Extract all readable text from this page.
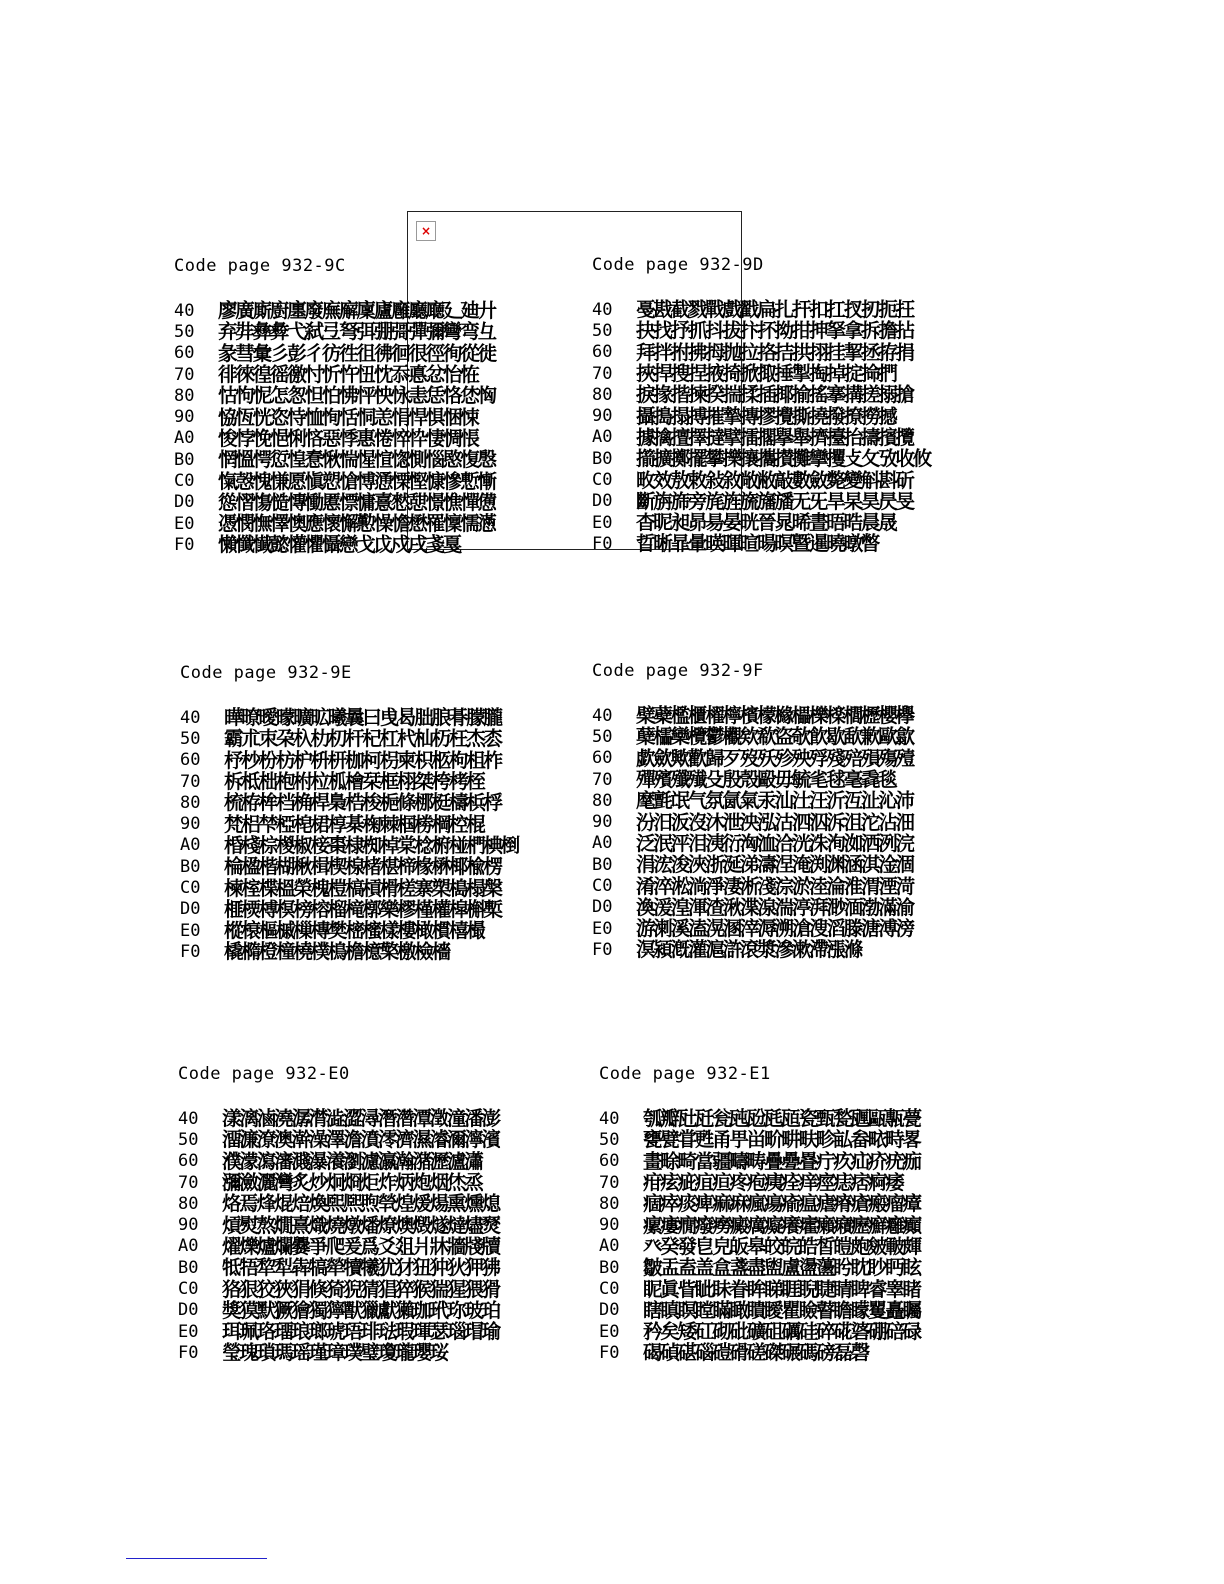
×
Code page 932-9C
40	廖廣廝廚廛廢廡廨廩廬廱廳廰廴廸廾
50	弃弉彝彜弋弑弖弩弭弸彁彈彌彎弯彑
60	彖彗彙彡彭彳彷徃徂彿徊很徑徇從徙
70	徘徠徨徭徼忖忻忤忸忱忝悳忿怡恠
80	怙怐怩怎怱怛怕怫怦怏怺恚恁恪恷恟
90	恊恆恍恣恃恤恂恬恫恙悁悍惧悃悚
A0	悛悖悗悒悧悋惡悸惠惓悴忰悽惆悵
B0	惘慍愕愆惶惷愀惴惺愃愡惻惱愍愎慇
C0	愾愨愧慊愿愼愬愴愽慂慄慳慷慘慙慚
D0	慫慴慯慥慱慟慝慓慵憙憖憇憬憔憚憊
E0	憑憫憮懌懊應懷懈懃懆憺懋罹懍懦懣
F0	懶懺懴懿懽懼懾戀戈戉戍戌戔戛
Code page 932-9D
40	戞戡截戮戰戲戳扁扎扞扣扛扠扨扼抂
50	抉找抒抓抖拔抃抔拗拑抻拏拿拆擔拈
60	拜拌拊拂拇抛拉挌拮拱挧挂挈拯拵捐
70	挾捍搜捏掖掎掀掫捶掣掏掉掟掵捫
80	捩掾揩揀揆揣揉插揶揄搖搴搆搓搦搶
90	攝搗搨搏摧摯摶摎攪撕撓撥撩撈撼
A0	據擒擅擇撻擘擂擱擧舉擠擡抬擣擯攬
B0	擶擴擲擺攀擽攘攜攅攤攣攫攴攵攷收攸
C0	畋效敖敕敍敘敞敝敲數斂斃變斛斟斫
D0	斷旃旆旁旄旌旒旛旙无旡旱杲昊昃旻
E0	杳昵昶昴昜晏晄晉晁晞晝晤晧晨晟
F0	晢晰暃暈暎暉暄暘暝曁暹曉暾暼
Code page 932-9E
40	曄暸曖曚曠昿曦曩曰曵曷朏朖朞朦朧
50	霸朮朿朶杁朸朷杆杞杠杙杣杤枉杰枩
60	杼杪枌枋枦枡枅枷柯枴柬枳柩枸柤柞
70	柝柢柮枹柎柆柧檜栞框栩桀桍栲桎
80	梳栫桙档桷桿梟梏梭梔條梛梃檮梹桴
90	梵梠梺椏梍桾椁棊椈棘椢椦棡椌棍
A0	棔棧棕椶椒椄棗棣椥棹棠棯椨椪椚椣椡
B0	棆楹楷楜楸楫楔楾楮椹楴椽楙椰楡楞
C0	楝榁楪榲榮槐榿槁槓榾槎寨槊槝榻槃
D0	榧樮榑榠榜榕榴槞槨樂樛槿權槹槲槧
E0	樅榱樞槭樔槫樊樒櫁樣樓橄樌橲樶
F0	橇橢橙橦橈樸樢檐檍檠檄檢檣
Code page 932-9F
40	檗蘗檻櫃櫂檸檳檬櫞櫑櫟檪櫚櫪櫻欅
50	蘖櫺欒欖鬱欟欸欷盜欹飮歇歃歉歐歙
60	歔歛歟歡歸歹歿殀殄殃殍殘殕殞殤殪
70	殫殯殲殱殳殷殼毆毋毓毟毬毫毳毯
80	麾氈氓气氛氤氣汞汕汢汪沂沍沚沁沛
90	汾汨汳沒沐泄泱泓沽泗泅泝沮沱沾沺
A0	泛泯泙泪洟衍洶洫洽洸洙洵洳洒洌浣
B0	涓浤浚浹浙涎涕濤涅淹渕渊涵淇淦涸
C0	淆淬淞淌淨淒淅淺淙淤淕淪淮渭湮渮
D0	渙湲湟渾渣湫渫湶湍渟湃渺湎渤滿渝
E0	游溂溪溘滉溷滓溽溯滄溲滔滕溏溥滂
F0	溟潁漑灌滬滸滾漿滲漱滯漲滌
Code page 932-E0
40	漾漓滷澆潺潸澁澀潯潛濳潭澂潼潘澎
50	澑濂潦澳澣澡澤澹濆澪濟濕濬濔濘濱
60	濮濛瀉瀋濺瀑瀁瀏濾瀛瀚潴瀝瀘瀟
70	瀰瀲灑灣炙炒炯烱炬炸炳炮烟烋烝
80	烙焉烽焜焙煥煕熈煦煢煌煖煬熏燻熄
90	熕熨熬燗熹熾燒燉燔燎燠燬燧燵燼燹
A0	燿爍爐爛爨爭爬爰爲爻爼爿牀牆牋牘
B0	牴牾犂犁犇犒犖犢犧犹犲狃狆狄狎狒
C0	狢狠狡狹狷倏猗猊猜猖猝猴猯猩猥猾
D0	獎獏默獗獪獨獰獸獵獻獺珈玳珎玻珀
E0	珥珮珞璢琅瑯琥珸琲琺瑕琿瑟瑙瑁瑜
F0	瑩瑰瑣瑪瑶瑾璋璞璧瓊瓏瓔珱
Code page 932-E1
40	瓠瓣瓧瓩瓮瓲瓰瓱瓸瓷甄甃甅甌甎甍
50	甕甓甞甦甬甼畄畍畊畉畛畆畚畩畤畧
60	畫畭畸當疆疇畴疊疉疂疔疚疝疥疣痂
70	疳痃疵疽疸疼疱痍痊痒痙痣痞痾痿
80	痼瘁痰痺痲痳瘋瘍瘉瘟瘧瘠瘡瘢瘤瘴
90	瘰瘻癇癈癆癜癘癡癢癨癩癪癧癬癰癲
A0	癶癸發皀皃皈皋皎皖皓皙皚皰皴皸皹
B0	皺盂盍盖盒盞盡盥盧盪蘯盻眈眇眄眩
C0	眤眞眥眦眛眷眸睇睚睨睫睛睥睿睾睹
D0	瞎瞋瞑瞠瞞瞰瞶瞹瞿瞼瞽瞻矇矍矗矚
E0	矜矣矮矼砌砒礦砠礪硅碎硴碆硼碚碌
F0	碣碵碪碯磑磆磋磔碾碼磅磊磬
